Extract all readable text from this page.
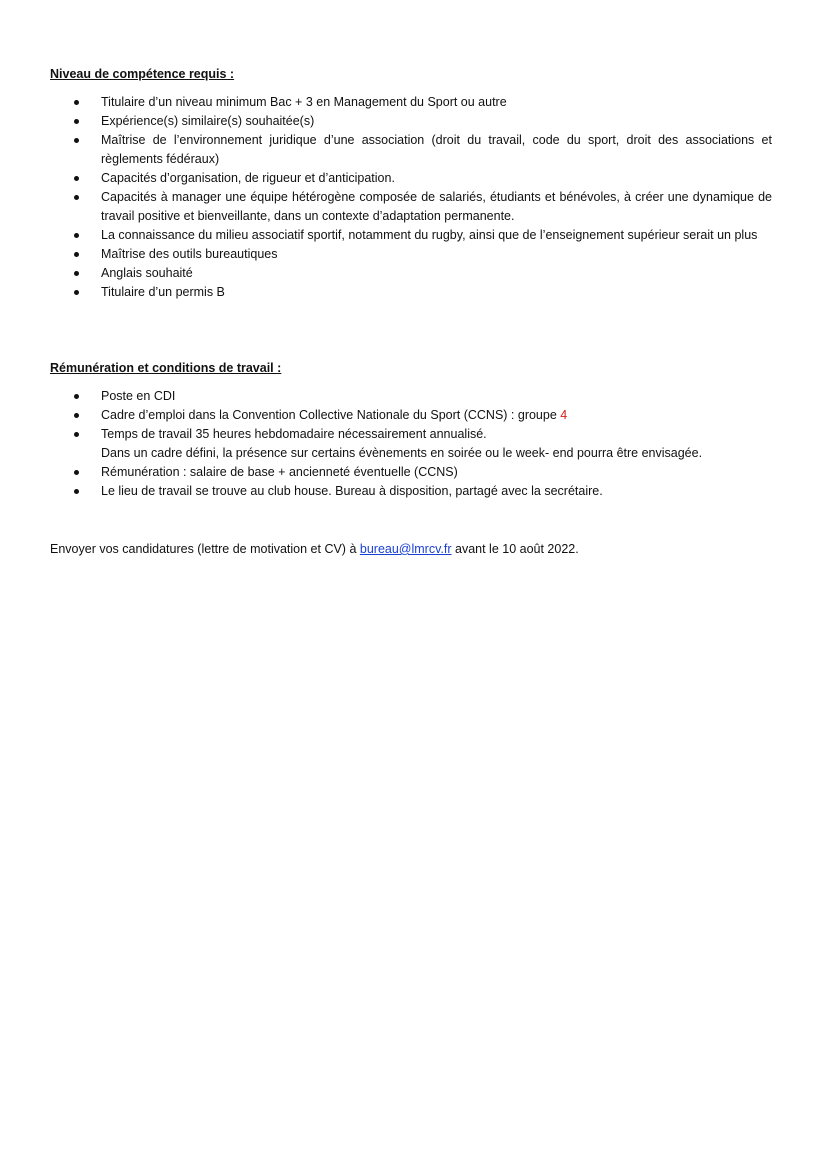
Niveau de compétence requis :
Titulaire d’un niveau minimum Bac + 3 en Management du Sport ou autre
Expérience(s) similaire(s) souhaitée(s)
Maîtrise de l’environnement juridique d’une association (droit du travail, code du sport, droit des associations et règlements fédéraux)
Capacités d’organisation, de rigueur et d’anticipation.
Capacités à manager une équipe hétérogène composée de salariés, étudiants et bénévoles, à créer une dynamique de travail positive et bienveillante, dans un contexte d’adaptation permanente.
La connaissance du milieu associatif sportif, notamment du rugby, ainsi que de l’enseignement supérieur serait un plus
Maîtrise des outils bureautiques
Anglais souhaité
Titulaire d’un permis B
Rémunération et conditions de travail :
Poste en CDI
Cadre d’emploi dans la Convention Collective Nationale du Sport (CCNS) : groupe 4
Temps de travail 35 heures hebdomadaire nécessairement annualisé.
Dans un cadre défini, la présence sur certains évènements en soirée ou le week- end pourra être envisagée.
Rémunération : salaire de base + ancienneté éventuelle (CCNS)
Le lieu de travail se trouve au club house. Bureau à disposition, partagé avec la secrétaire.
Envoyer vos candidatures (lettre de motivation et CV) à bureau@lmrcv.fr avant le 10 août 2022.
